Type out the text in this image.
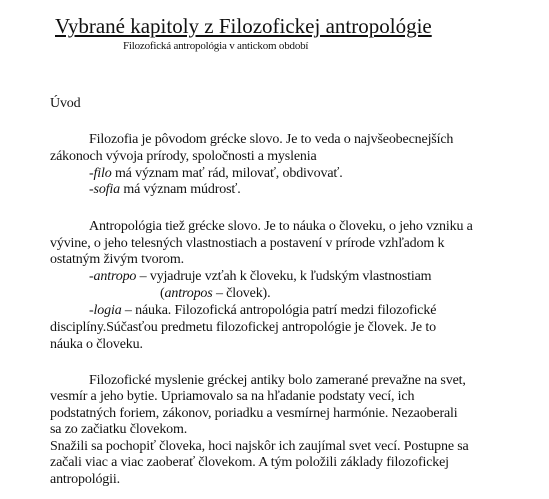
Vybrané kapitoly z Filozofickej antropológie
Filozofická antropológia v antickom období
Úvod
Filozofia je pôvodom grécke slovo. Je to veda o najvšeobecnejších
zákonoch vývoja prírody, spoločnosti a myslenia
-filo má význam mať rád, milovať, obdivovať.
-sofia má význam múdrosť.
Antropológia tiež grécke slovo. Je to náuka o človeku, o jeho vzniku a
vývine, o jeho telesných vlastnostiach a postavení v prírode vzhľadom k
ostatným živým tvorom.
-antropo – vyjadruje vzťah k človeku, k ľudským vlastnostiam
(antropos – človek).
-logia – náuka. Filozofická antropológia patrí medzi filozofické
disciplíny.Súčasťou predmetu filozofickej antropológie je človek. Je to
náuka o človeku.
Filozofické myslenie gréckej antiky bolo zamerané prevažne na svet,
vesmír a jeho bytie. Upriamovalo sa na hľadanie podstaty vecí, ich
podstatných foriem, zákonov, poriadku a vesmírnej harmónie. Nezaoberali
sa zo začiatku človekom.
Snažili sa pochopiť človeka, hoci najskôr ich zaujímal svet vecí. Postupne sa
začali viac a viac zaoberať človekom. A tým položili základy filozofickej
antropológii.
